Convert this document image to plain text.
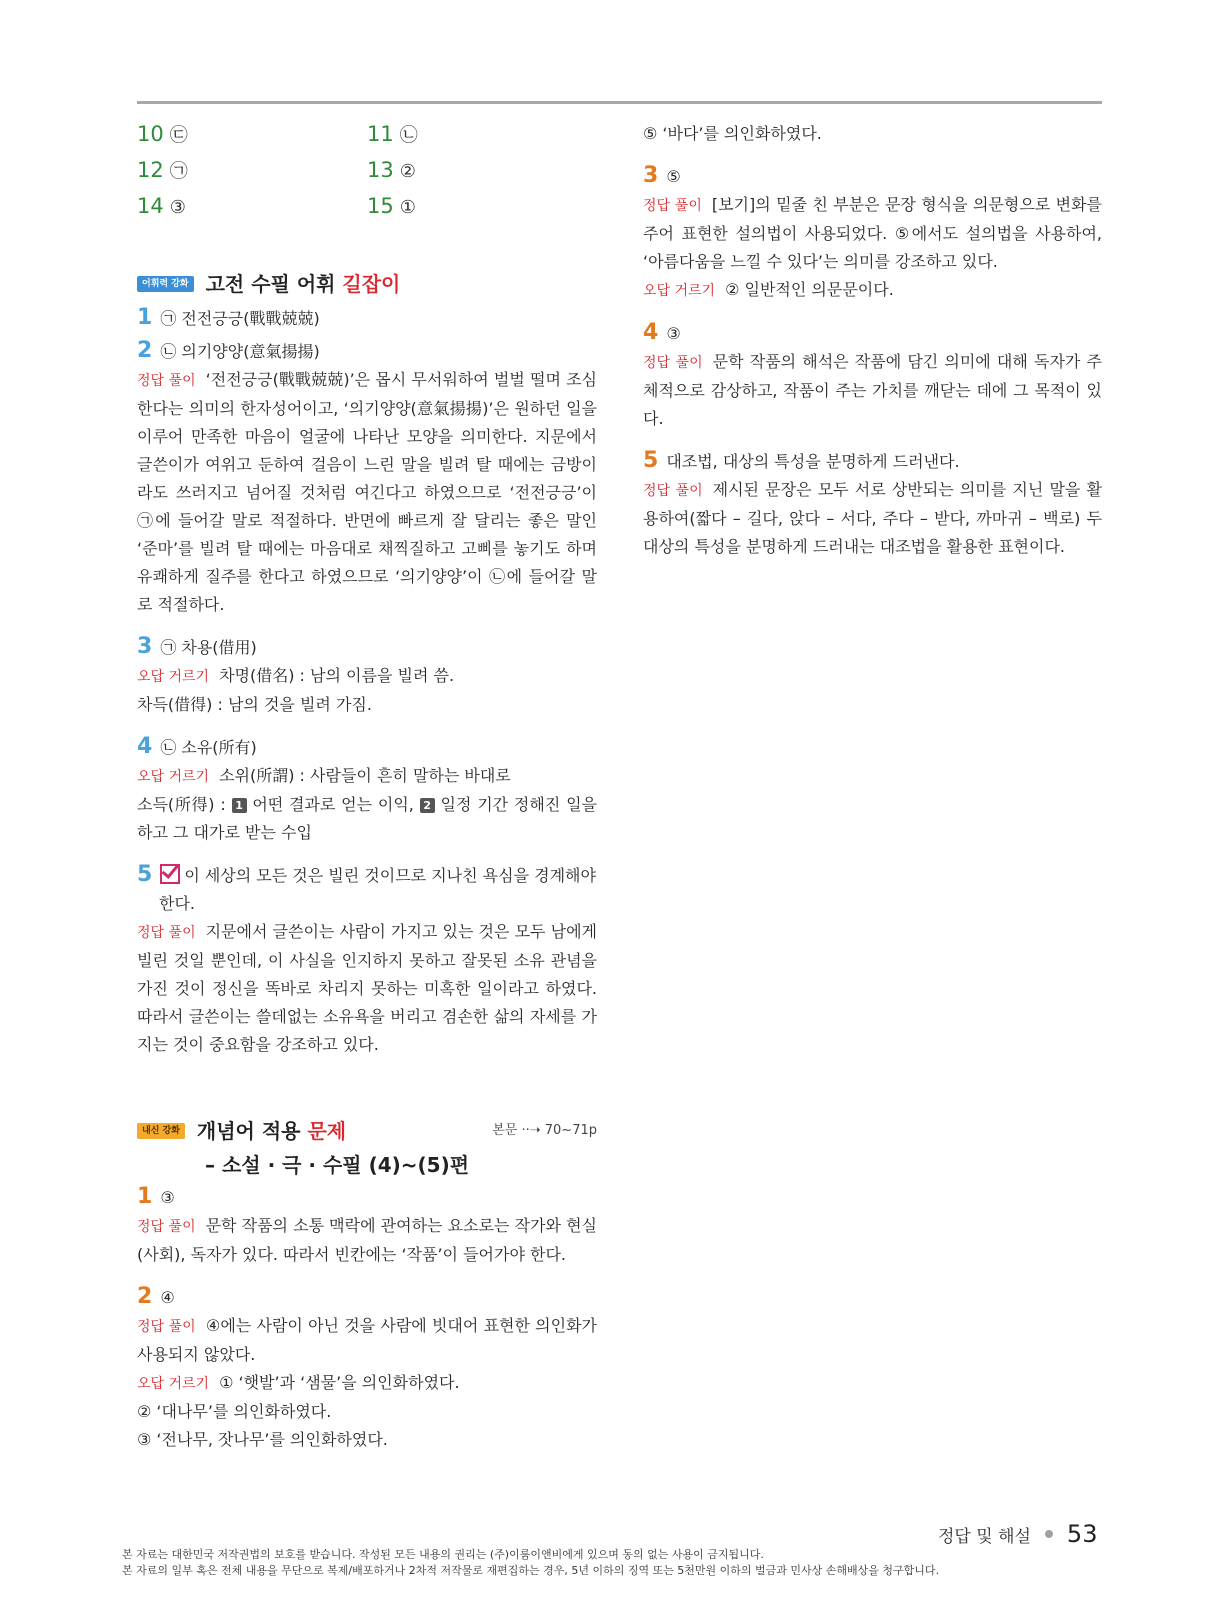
10 ㉢	11 ㉡
12 ㉠	13 ②
14 ③	15 ①
어휘력 강화 고전 수필 어휘 길잡이
1 ㉠ 전전긍긍(戰戰兢兢)
2 ㉡ 의기양양(意氣揚揚)
정답 풀이 ‘전전긍긍(戰戰兢兢)’은 몹시 무서워하여 벌벌 떨며 조심한다는 의미의 한자성어이고, ‘의기양양(意氣揚揚)’은 원하던 일을 이루어 만족한 마음이 얼굴에 나타난 모양을 의미한다. 지문에서 글쓴이가 여위고 둔하여 걸음이 느린 말을 빌려 탈 때에는 금방이라도 쓰러지고 넘어질 것처럼 여긴다고 하였으므로 ‘전전긍긍’이 ㉠에 들어갈 말로 적절하다. 반면에 빠르게 잘 달리는 좋은 말인 ‘준마’를 빌려 탈 때에는 마음대로 채찍질하고 고삐를 놓기도 하며 유쾌하게 질주를 한다고 하였으므로 ‘의기양양’이 ㉡에 들어갈 말로 적절하다.
3 ㉠ 차용(借用)
오답 거르기 차명(借名) : 남의 이름을 빌려 씀.
차득(借得) : 남의 것을 빌려 가짐.
4 ㉡ 소유(所有)
오답 거르기 소위(所謂) : 사람들이 흔히 말하는 바대로
소득(所得) : 1 어떤 결과로 얻는 이익, 2 일정 기간 정해진 일을 하고 그 대가로 받는 수입
5 이 세상의 모든 것은 빌린 것이므로 지나친 욕심을 경계해야 한다.
정답 풀이 지문에서 글쓴이는 사람이 가지고 있는 것은 모두 남에게 빌린 것일 뿐인데, 이 사실을 인지하지 못하고 잘못된 소유 관념을 가진 것이 정신을 똑바로 차리지 못하는 미혹한 일이라고 하였다. 따라서 글쓴이는 쓸데없는 소유욕을 버리고 겸손한 삶의 자세를 가지는 것이 중요함을 강조하고 있다.
내신 강화 개념어 적용 문제	본문 ··➝ 70~71p
– 소설 · 극 · 수필 (4)~(5)편
1 ③
정답 풀이 문학 작품의 소통 맥락에 관여하는 요소로는 작가와 현실(사회), 독자가 있다. 따라서 빈칸에는 ‘작품’이 들어가야 한다.
2 ④
정답 풀이 ④에는 사람이 아닌 것을 사람에 빗대어 표현한 의인화가 사용되지 않았다.
오답 거르기 ① ‘햇발’과 ‘샘물’을 의인화하였다.
② ‘대나무’를 의인화하였다.
③ ‘전나무, 잣나무’를 의인화하였다.
⑤ ‘바다’를 의인화하였다.
3 ⑤
정답 풀이 [보기]의 밑줄 친 부분은 문장 형식을 의문형으로 변화를 주어 표현한 설의법이 사용되었다. ⑤에서도 설의법을 사용하여, ‘아름다움을 느낄 수 있다’는 의미를 강조하고 있다.
오답 거르기 ② 일반적인 의문문이다.
4 ③
정답 풀이 문학 작품의 해석은 작품에 담긴 의미에 대해 독자가 주체적으로 감상하고, 작품이 주는 가치를 깨닫는 데에 그 목적이 있다.
5 대조법, 대상의 특성을 분명하게 드러낸다.
정답 풀이 제시된 문장은 모두 서로 상반되는 의미를 지닌 말을 활용하여(짧다 – 길다, 앉다 – 서다, 주다 – 받다, 까마귀 – 백로) 두 대상의 특성을 분명하게 드러내는 대조법을 활용한 표현이다.
정답 및 해설 53
본 자료는 대한민국 저작권법의 보호를 받습니다. 작성된 모든 내용의 권리는 (주)이룸이앤비에게 있으며 동의 없는 사용이 금지됩니다.
본 자료의 일부 혹은 전체 내용을 무단으로 복제/배포하거나 2차적 저작물로 재편집하는 경우, 5년 이하의 징역 또는 5천만원 이하의 벌금과 민사상 손해배상을 청구합니다.
